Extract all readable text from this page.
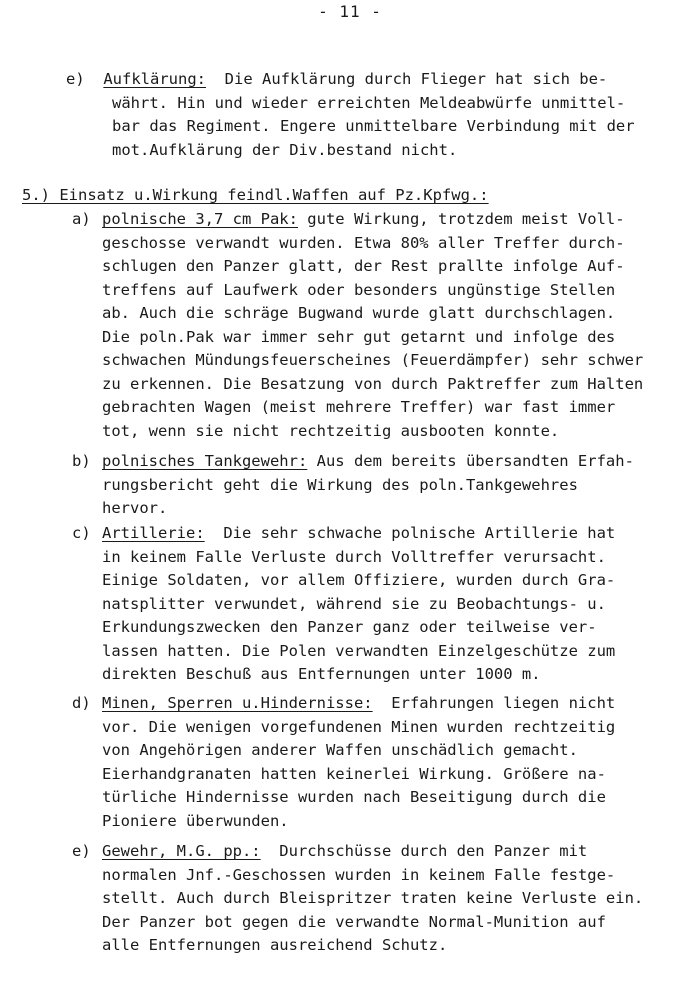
- 11 -
e) Aufklärung:  Die Aufklärung durch Flieger hat sich be-
währt. Hin und wieder erreichten Meldeabwürfe unmittel-
bar das Regiment. Engere unmittelbare Verbindung mit der
mot.Aufklärung der Div.bestand nicht.
5.) Einsatz u.Wirkung feindl.Waffen auf Pz.Kpfwg.:
a) polnische 3,7 cm Pak: gute Wirkung, trotzdem meist Voll-
geschosse verwandt wurden. Etwa 80% aller Treffer durch-
schlugen den Panzer glatt, der Rest prallte infolge Auf-
treffens auf Laufwerk oder besonders ungünstige Stellen
ab. Auch die schräge Bugwand wurde glatt durchschlagen.
Die poln.Pak war immer sehr gut getarnt und infolge des
schwachen Mündungsfeuerscheines (Feuerdämpfer) sehr schwer
zu erkennen. Die Besatzung von durch Paktreffer zum Halten
gebrachten Wagen (meist mehrere Treffer) war fast immer
tot, wenn sie nicht rechtzeitig ausbooten konnte.
b) polnisches Tankgewehr: Aus dem bereits übersandten Erfah-
rungsbericht geht die Wirkung des poln.Tankgewehres
hervor.
c) Artillerie:  Die sehr schwache polnische Artillerie hat
in keinem Falle Verluste durch Volltreffer verursacht.
Einige Soldaten, vor allem Offiziere, wurden durch Gra-
natsplitter verwundet, während sie zu Beobachtungs- u.
Erkundungszwecken den Panzer ganz oder teilweise ver-
lassen hatten. Die Polen verwandten Einzelgeschütze zum
direkten Beschuß aus Entfernungen unter 1000 m.
d) Minen, Sperren u.Hindernisse:  Erfahrungen liegen nicht
vor. Die wenigen vorgefundenen Minen wurden rechtzeitig
von Angehörigen anderer Waffen unschädlich gemacht.
Eierhandgranaten hatten keinerlei Wirkung. Größere na-
türliche Hindernisse wurden nach Beseitigung durch die
Pioniere überwunden.
e) Gewehr, M.G. pp.:  Durchschüsse durch den Panzer mit
normalen Jnf.-Geschossen wurden in keinem Falle festge-
stellt. Auch durch Bleispritzer traten keine Verluste ein.
Der Panzer bot gegen die verwandte Normal-Munition auf
alle Entfernungen ausreichend Schutz.
